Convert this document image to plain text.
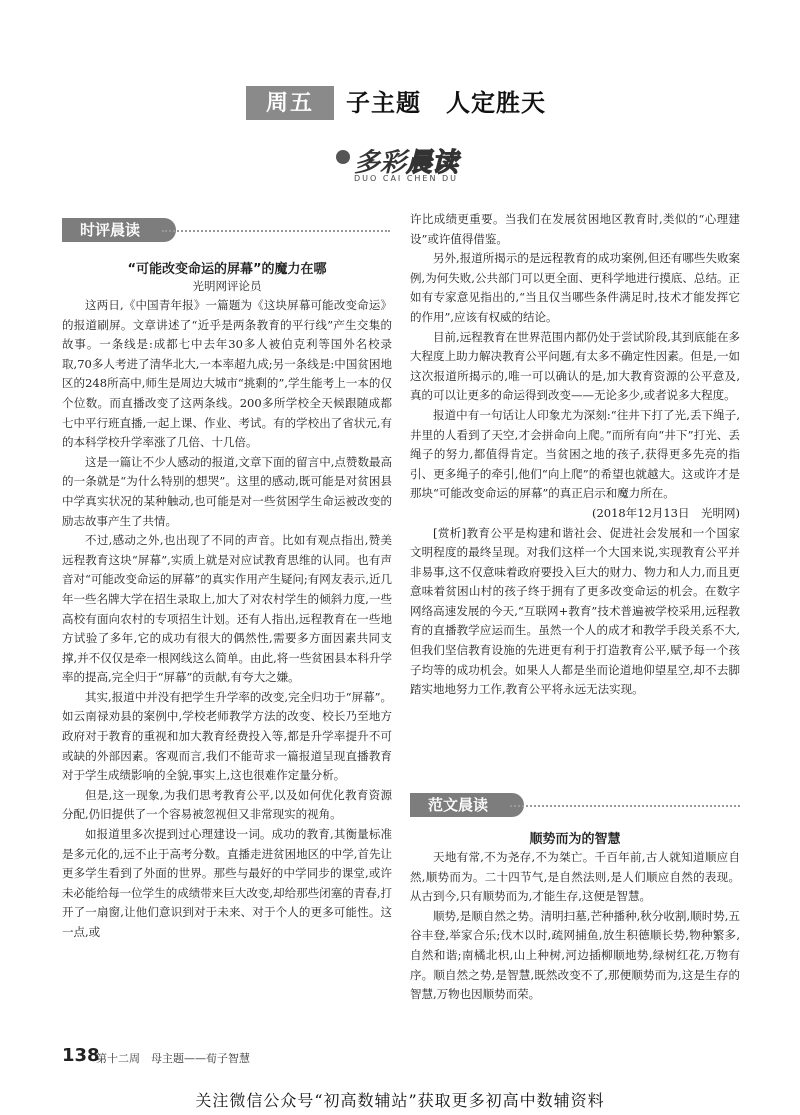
周五	子主题　人定胜天
多彩晨读
DUO CAI CHEN DU
时评晨读
“可能改变命运的屏幕”的魔力在哪
光明网评论员

这两日,《中国青年报》一篇题为《这块屏幕可能改变命运》的报道刷屏。文章讲述了“近乎是两条教育的平行线”产生交集的故事。一条线是:成都七中去年30多人被伯克利等国外名校录取,70多人考进了清华北大,一本率超九成;另一条线是:中国贫困地区的248所高中,师生是周边大城市“挑剩的”,学生能考上一本的仅个位数。而直播改变了这两条线。200多所学校全天候跟随成都七中平行班直播,一起上课、作业、考试。有的学校出了省状元,有的本科学校升学率涨了几倍、十几倍。

这是一篇让不少人感动的报道,文章下面的留言中,点赞数最高的一条就是“为什么特别的想哭”。这里的感动,既可能是对贫困县中学真实状况的某种触动,也可能是对一些贫困学生命运被改变的励志故事产生了共情。

不过,感动之外,也出现了不同的声音。比如有观点指出,赞美远程教育这块“屏幕”,实质上就是对应试教育思维的认同。也有声音对“可能改变命运的屏幕”的真实作用产生疑问;有网友表示,近几年一些名牌大学在招生录取上,加大了对农村学生的倾斜力度,一些高校有面向农村的专项招生计划。还有人指出,远程教育在一些地方试验了多年,它的成功有很大的偶然性,需要多方面因素共同支撑,并不仅仅是牵一根网线这么简单。由此,将一些贫困县本科升学率的提高,完全归于“屏幕”的贡献,有夸大之嫌。

其实,报道中并没有把学生升学率的改变,完全归功于“屏幕”。如云南禄劝县的案例中,学校老师教学方法的改变、校长乃至地方政府对于教育的重视和加大教育经费投入等,都是升学率提升不可或缺的外部因素。客观而言,我们不能苛求一篇报道呈现直播教育对于学生成绩影响的全貌,事实上,这也很难作定量分析。

但是,这一现象,为我们思考教育公平,以及如何优化教育资源分配,仍旧提供了一个容易被忽视但又非常现实的视角。

如报道里多次提到过心理建设一词。成功的教育,其衡量标准是多元化的,远不止于高考分数。直播走进贫困地区的中学,首先让更多学生看到了外面的世界。那些与最好的中学同步的课堂,或许未必能给每一位学生的成绩带来巨大改变,却给那些闭塞的青春,打开了一扇窗,让他们意识到对于未来、对于个人的更多可能性。这一点,或

许比成绩更重要。当我们在发展贫困地区教育时,类似的“心理建设”或许值得借鉴。

另外,报道所揭示的是远程教育的成功案例,但还有哪些失败案例,为何失败,公共部门可以更全面、更科学地进行摸底、总结。正如有专家意见指出的,“当且仅当哪些条件满足时,技术才能发挥它的作用”,应该有权威的结论。

目前,远程教育在世界范围内都仍处于尝试阶段,其到底能在多大程度上助力解决教育公平问题,有太多不确定性因素。但是,一如这次报道所揭示的,唯一可以确认的是,加大教育资源的公平意及,真的可以让更多的命运得到改变——无论多少,或者说多大程度。

报道中有一句话让人印象尤为深刻:“往井下打了光,丢下绳子,井里的人看到了天空,才会拼命向上爬。”而所有向“井下”打光、丢绳子的努力,都值得肯定。当贫困之地的孩子,获得更多先亮的指引、更多绳子的牵引,他们“向上爬”的希望也就越大。这或许才是那块“可能改变命运的屏幕”的真正启示和魔力所在。

(2018年12月13日　光明网)

[赏析]教育公平是构建和谐社会、促进社会发展和一个国家文明程度的最终呈现。对我们这样一个大国来说,实现教育公平并非易事,这不仅意味着政府要投入巨大的财力、物力和人力,而且更意味着贫困山村的孩子终于拥有了更多改变命运的机会。在数字网络高速发展的今天,“互联网+教育”技术普遍被学校采用,远程教育的直播教学应运而生。虽然一个人的成才和教学手段关系不大,但我们坚信教育设施的先进更有利于打造教育公平,赋予每一个孩子均等的成功机会。如果人人都是坐而论道地仰望星空,却不去脚踏实地地努力工作,教育公平将永远无法实现。

范文晨读
顺势而为的智慧

天地有常,不为尧存,不为桀亡。千百年前,古人就知道顺应自然,顺势而为。二十四节气,是自然法则,是人们顺应自然的表现。从古到今,只有顺势而为,才能生存,这便是智慧。

顺势,是顺自然之势。清明扫墓,芒种播种,秋分收割,顺时势,五谷丰登,举家合乐;伐木以时,疏网捕鱼,放生积德顺长势,物种繁多,自然和谐;南橘北枳,山上种树,河边插柳顺地势,绿树红花,万物有序。顺自然之势,是智慧,既然改变不了,那便顺势而为,这是生存的智慧,万物也因顺势而荣。

138
第十二周　母主题——荀子智慧
关注微信公众号“初高数辅站”获取更多初高中数辅资料
